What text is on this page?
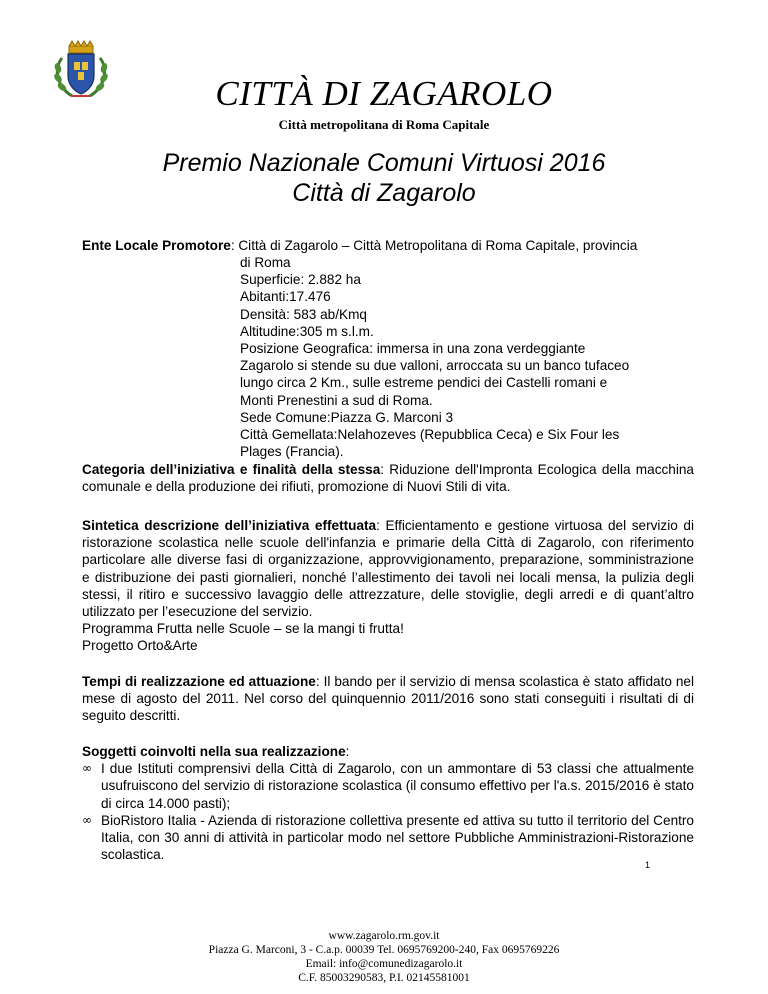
CITTÀ DI ZAGAROLO
Città metropolitana di Roma Capitale
Premio Nazionale Comuni Virtuosi 2016
Città di Zagarolo
Ente Locale Promotore: Città di Zagarolo – Città Metropolitana di Roma Capitale, provincia
di Roma
Superficie: 2.882 ha
Abitanti:17.476
Densità: 583 ab/Kmq
Altitudine:305 m s.l.m.
Posizione Geografica: immersa in una zona verdeggiante
Zagarolo si stende su due valloni, arroccata su un banco tufaceo
lungo circa 2 Km., sulle estreme pendici dei Castelli romani e
Monti Prenestini a sud di Roma.
Sede Comune:Piazza G. Marconi 3
Città Gemellata:Nelahozeves (Repubblica Ceca) e Six Four les
Plages (Francia).
Categoria dell’iniziativa e finalità della stessa: Riduzione dell'Impronta Ecologica della macchina comunale e della produzione dei rifiuti, promozione di Nuovi Stili di vita.
Sintetica descrizione dell’iniziativa effettuata: Efficientamento e gestione virtuosa del servizio di ristorazione scolastica nelle scuole dell'infanzia e primarie della Città di Zagarolo, con riferimento particolare alle diverse fasi di organizzazione, approvvigionamento, preparazione, somministrazione e distribuzione dei pasti giornalieri, nonché l’allestimento dei tavoli nei locali mensa, la pulizia degli stessi, il ritiro e successivo lavaggio delle attrezzature, delle stoviglie, degli arredi e di quant’altro utilizzato per l’esecuzione del servizio.
Programma Frutta nelle Scuole – se la mangi ti frutta!
Progetto Orto&Arte
Tempi di realizzazione ed attuazione: Il bando per il servizio di mensa scolastica è stato affidato nel mese di agosto del 2011. Nel corso del quinquennio 2011/2016 sono stati conseguiti i risultati di di seguito descritti.
Soggetti coinvolti nella sua realizzazione:
∞ I due Istituti comprensivi della Città di Zagarolo, con un ammontare di 53 classi che attualmente usufruiscono del servizio di ristorazione scolastica (il consumo effettivo per l'a.s. 2015/2016 è stato di circa 14.000 pasti);
∞ BioRistoro Italia - Azienda di ristorazione collettiva presente ed attiva su tutto il territorio del Centro Italia, con 30 anni di attività in particolar modo nel settore Pubbliche Amministrazioni-Ristorazione scolastica.
1
www.zagarolo.rm.gov.it
Piazza G. Marconi, 3 - C.a.p. 00039 Tel. 0695769200-240, Fax 0695769226
Email: info@comunedizagarolo.it
C.F. 85003290583, P.I. 02145581001
